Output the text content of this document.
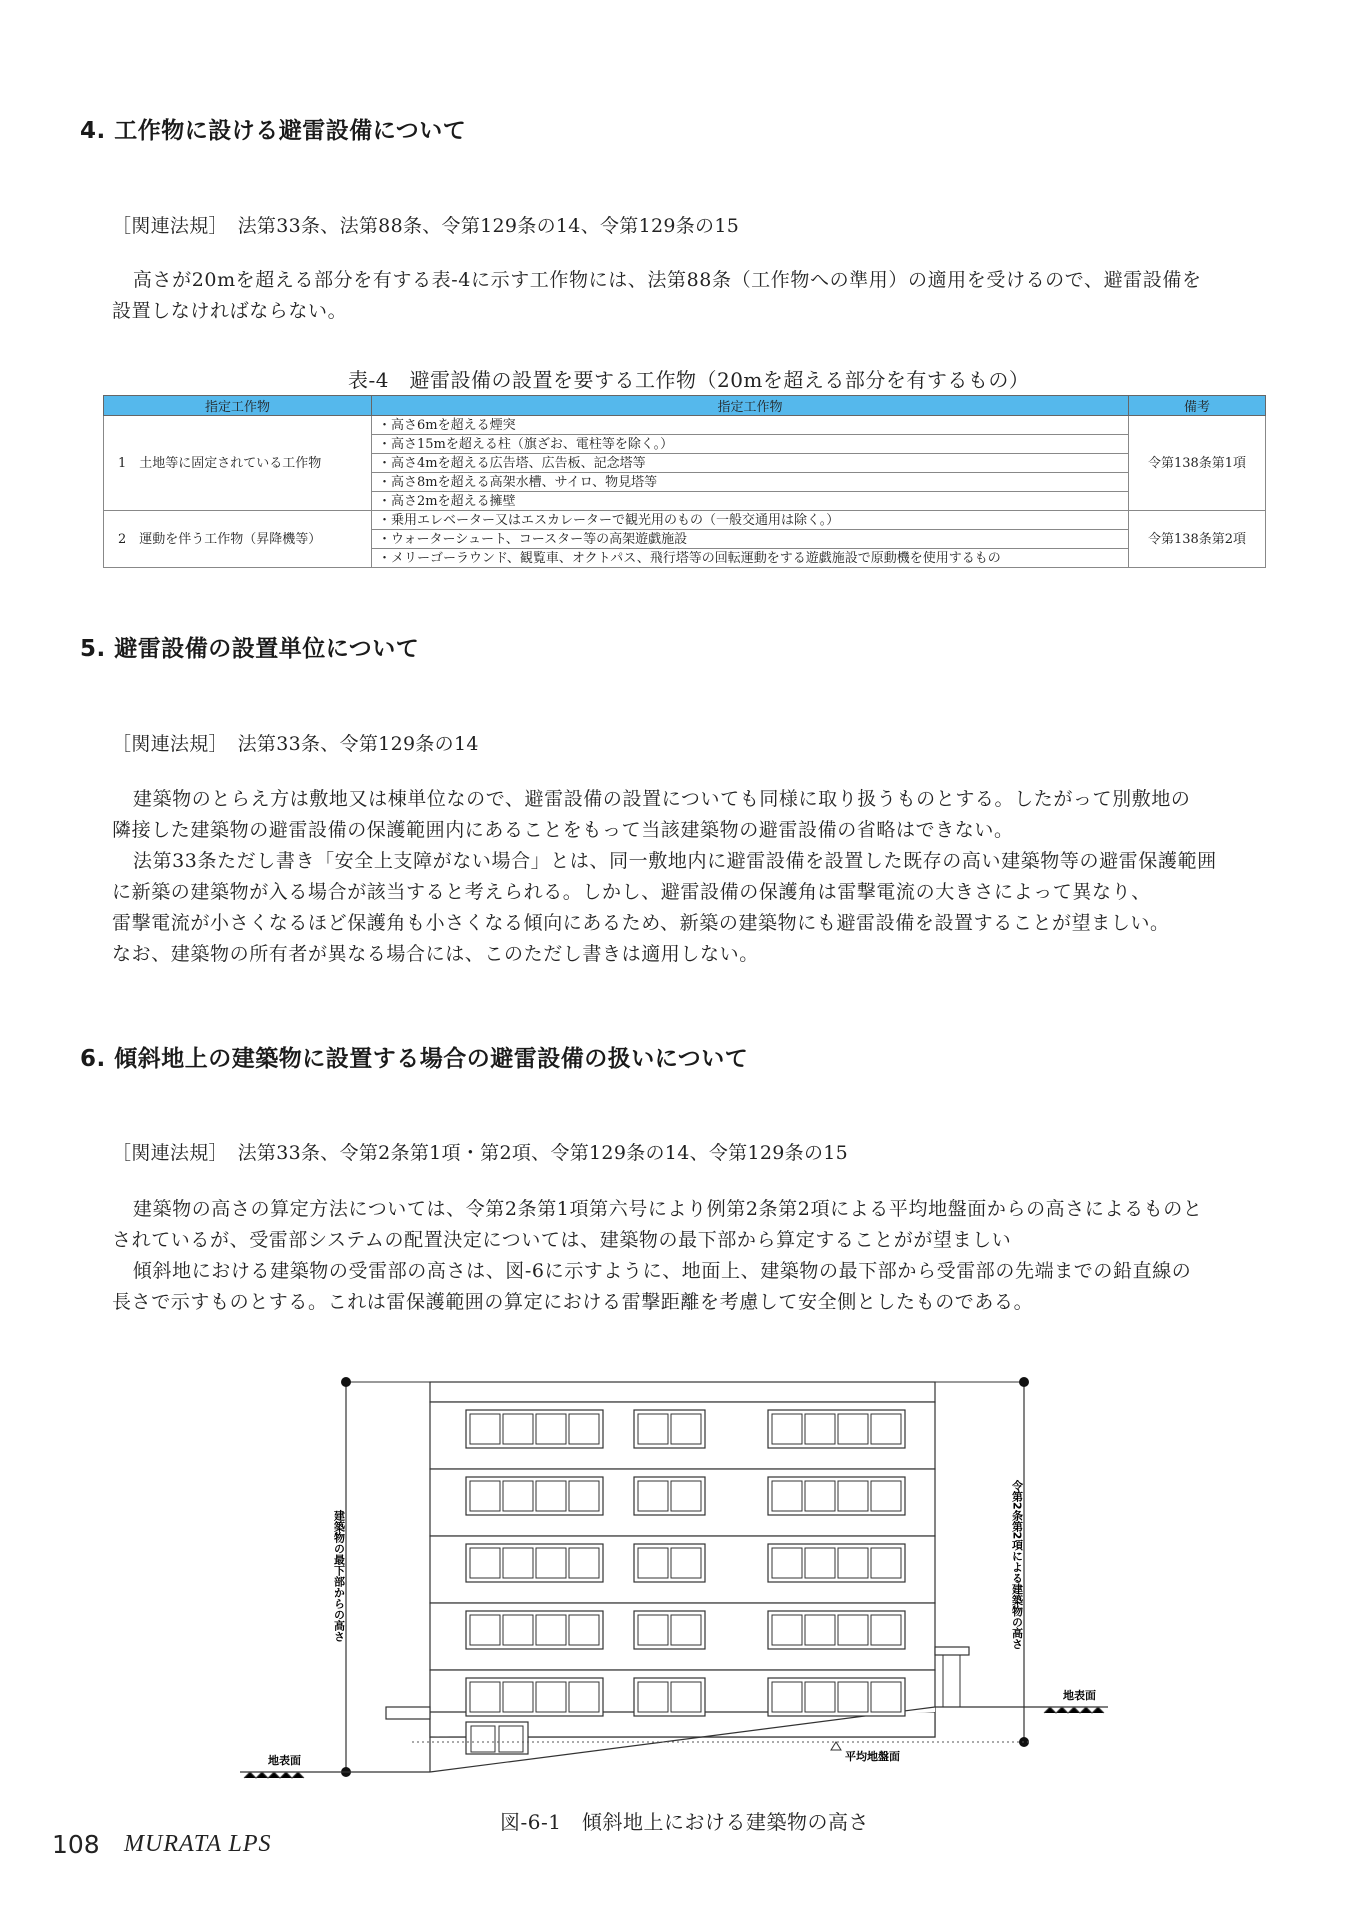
4. 工作物に設ける避雷設備について
［関連法規］　法第33条、法第88条、令第129条の14、令第129条の15

高さが20mを超える部分を有する表-4に示す工作物には、法第88条（工作物への準用）の適用を受けるので、避雷設備を

設置しなければならない。

表-4　避雷設備の設置を要する工作物（20mを超える部分を有するもの）
指定工作物	指定工作物	備考
1　土地等に固定されている工作物	・高さ6mを超える煙突	令第138条第1項
	・高さ15mを超える柱（旗ざお、電柱等を除く。）	
	・高さ4mを超える広告塔、広告板、記念塔等	
	・高さ8mを超える高架水槽、サイロ、物見塔等	
	・高さ2mを超える擁壁	
2　運動を伴う工作物（昇降機等）	・乗用エレベーター又はエスカレーターで観光用のもの（一般交通用は除く。）	令第138条第2項
	・ウォーターシュート、コースター等の高架遊戯施設	
	・メリーゴーラウンド、観覧車、オクトパス、飛行塔等の回転運動をする遊戯施設で原動機を使用するもの	
5. 避雷設備の設置単位について
［関連法規］　法第33条、令第129条の14

建築物のとらえ方は敷地又は棟単位なので、避雷設備の設置についても同様に取り扱うものとする。したがって別敷地の

隣接した建築物の避雷設備の保護範囲内にあることをもって当該建築物の避雷設備の省略はできない。

法第33条ただし書き「安全上支障がない場合」とは、同一敷地内に避雷設備を設置した既存の高い建築物等の避雷保護範囲

に新築の建築物が入る場合が該当すると考えられる。しかし、避雷設備の保護角は雷撃電流の大きさによって異なり、

雷撃電流が小さくなるほど保護角も小さくなる傾向にあるため、新築の建築物にも避雷設備を設置することが望ましい。

なお、建築物の所有者が異なる場合には、このただし書きは適用しない。

6. 傾斜地上の建築物に設置する場合の避雷設備の扱いについて
［関連法規］　法第33条、令第2条第1項・第2項、令第129条の14、令第129条の15

建築物の高さの算定方法については、令第2条第1項第六号により例第2条第2項による平均地盤面からの高さによるものと

されているが、受雷部システムの配置決定については、建築物の最下部から算定することがが望ましい

傾斜地における建築物の受雷部の高さは、図-6に示すように、地面上、建築物の最下部から受雷部の先端までの鉛直線の

長さで示すものとする。これは雷保護範囲の算定における雷撃距離を考慮して安全側としたものである。

建築物の最下部からの高さ	令第2条第2項による建築物の高さ
地表面
地表面
平均地盤面
図-6-1　傾斜地上における建築物の高さ
108 MURATA LPS
